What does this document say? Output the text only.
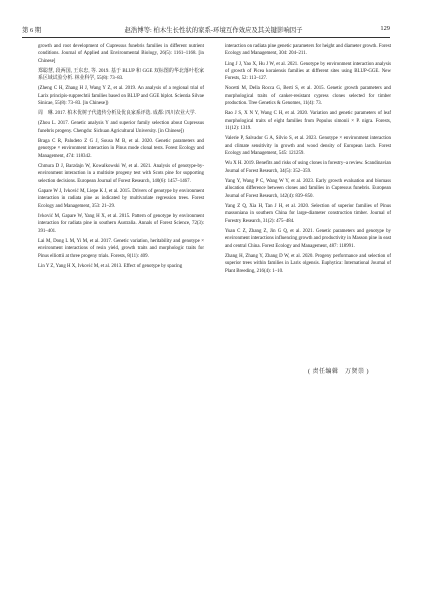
第 6 期	赵浩博等: 柏木生长性状的家系-环境互作效应及其关键影响因子	129

growth and root development of Cupressus funebris families in different nutrient conditions. Journal of Applied and Environmental Biology, 26(5): 1161–1168. [in Chinese]

郑聪慧, 段两国, 王东忠, 等. 2019. 基于 BLUP 和 GGE 双标图的华北落叶松家系区域试验分析. 林业科学, 55(8): 73–83.

(Zheng C H, Zhang H J, Wang Y Z, et al. 2019. An analysis of a regional trial of Larix principis-rupprechtii families based on BLUP and GGE biplot. Scientia Silvae Sinicae, 55(8): 73–83. [in Chinese])

周　琳. 2017. 柏木优树子代遗传分析及优良家系评选. 成都: 四川农业大学.

(Zhou L. 2017. Genetic analysis Y and superior family selection about Cupressus funebris progeny. Chengdu: Sichuan Agricultural University. [in Chinese])

Braga C R, Paludeto Z G J, Sousa M B, et al. 2020. Genetic parameters and genotype × environment interaction in Pinus mode clonal tests. Forest Ecology and Management, 474: 118342.

Chmura D J, Barzdajn W, Kowalkowski W, et al. 2021. Analysis of genotype-by-environment interaction in a multisite progeny test with Scots pine for supporting selection decisions. European Journal of Forest Research, 140(6): 1457–1467.

Gapare W J, Ivković M, Liepe K J, et al. 2015. Drivers of genotype by environment interaction in radiata pine as indicated by multivariate regression trees. Forest Ecology and Management, 353: 21–29.

Ivković M, Gapare W, Yang H X, et al. 2015. Pattern of genotype by environment interaction for radiata pine in southern Australia. Annals of Forest Science, 72(3): 391–401.

Lai M, Dong L M, Yi M, et al. 2017. Genetic variation, heritability and genotype × environment interactions of resin yield, growth traits and morphologic traits for Pinus elliottii at three progeny trials. Forests, 8(11): 409.

Lin Y Z, Yang H X, Ivković M, et al. 2013. Effect of genotype by spacing

interaction on radiata pine genetic parameters for height and diameter growth. Forest Ecology and Management, 304: 204–211.

Ling J J, Yao X, Hu J W, et al. 2021. Genotype by environment interaction analysis of growth of Picea koraiensis families at different sites using BLUP-GGE. New Forests, 52: 113–127.

Nocetti M, Della Rocca G, Berti S, et al. 2015. Genetic growth parameters and morphological traits of canker-resistant cypress clones selected for timber production. Tree Genetics & Genomes, 11(4): 73.

Rao J S, X N Y, Wang C H, et al. 2020. Variation and genetic parameters of leaf morphological traits of eight families from Populus simonii × P. nigra. Forests, 11(12): 1319.

Valerie P, Salvador G A, Silvio S, et al. 2023. Genotype × environment interaction and climate sensitivity in growth and wood density of European larch. Forest Ecology and Management, 545: 121259.

Wu X H. 2019. Benefits and risks of using clones in forestry–a review. Scandinavian Journal of Forest Research, 34(5): 352–359.

Yang Y, Wang P C, Wang W Y, et al. 2023. Early growth evaluation and biomass allocation difference between clones and families in Cupressus funebris. European Journal of Forest Research, 142(4): 839–850.

Yang Z Q, Xia H, Tan J H, et al. 2020. Selection of superior families of Pinus massoniana in southern China for large-diameter construction timber. Journal of Forestry Research, 31(2): 475–484.

Yuan C Z, Zhang Z, Jin G Q, et al. 2021. Genetic parameters and genotype by environment interactions influencing growth and productivity in Masson pine in east and central China. Forest Ecology and Management, 487: 118991.

Zhang H, Zhang Y, Zhang D W, et al. 2020. Progeny performance and selection of superior trees within families in Larix olgensis. Euphytica: International Journal of Plant Breeding, 216(4): 1–10.

( 责任编辑　万贤崇 )
